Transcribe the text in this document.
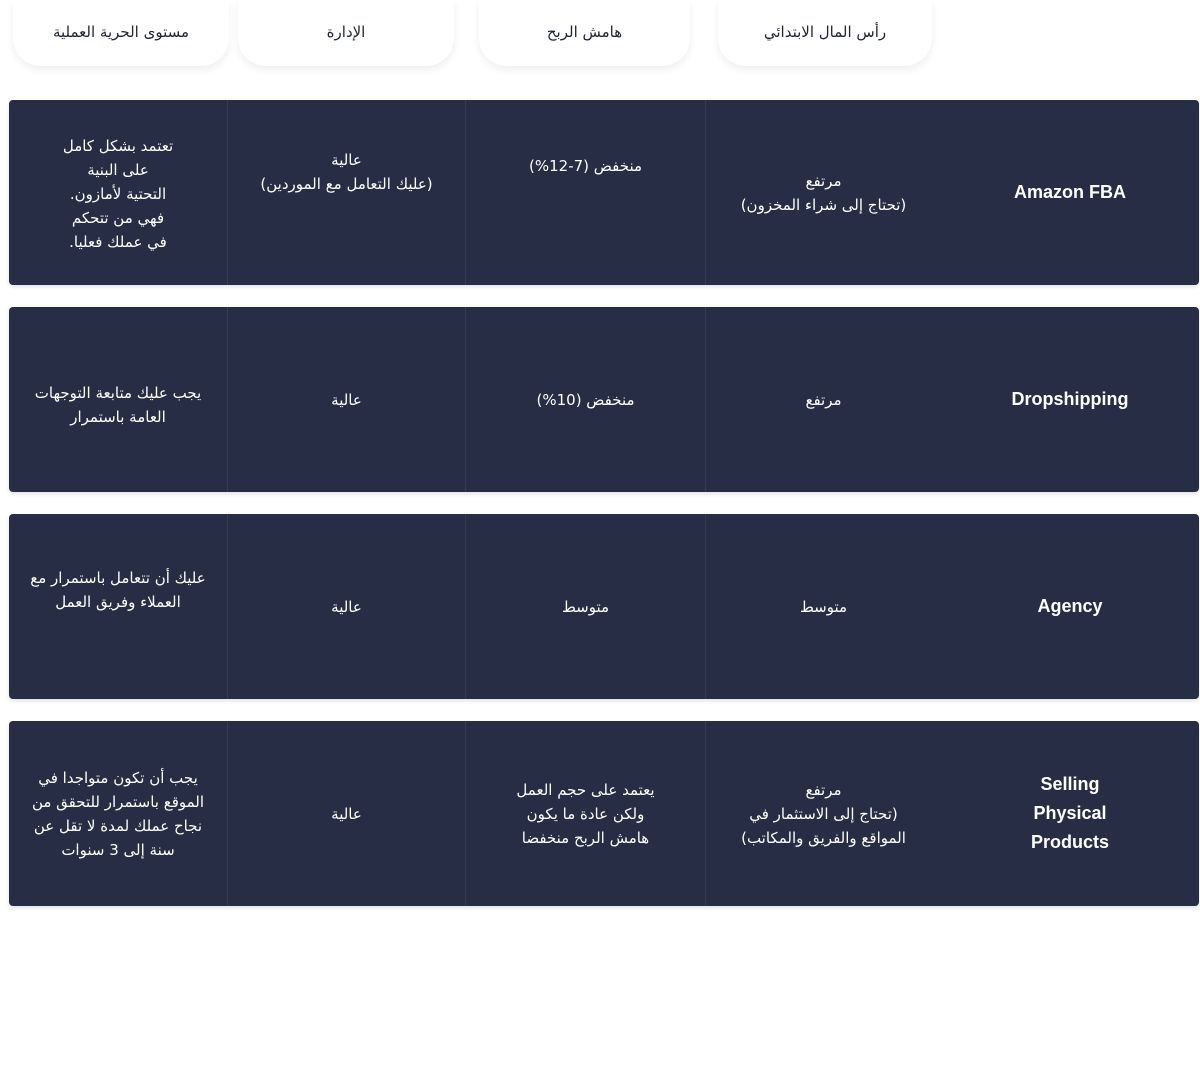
رأس المال الابتدائي
هامش الربح
الإدارة
مستوى الحرية العملية
Amazon FBA
مرتفع
(تحتاج إلى شراء المخزون)
منخفض (7-12%)
عالية
(عليك التعامل مع الموردين)
تعتمد بشكل كامل
على البنية
التحتية لأمازون.
فهي من تتحكم
في عملك فعليا.
Dropshipping
مرتفع
منخفض (10%)
عالية
يجب عليك متابعة التوجهات
العامة باستمرار
Agency
متوسط
متوسط
عالية
عليك أن تتعامل باستمرار مع
العملاء وفريق العمل
Selling
Physical
Products
مرتفع
(تحتاج إلى الاستثمار في
المواقع والفريق والمكاتب)
يعتمد على حجم العمل
ولكن عادة ما يكون
هامش الربح منخفضا
عالية
يجب أن تكون متواجدا في
الموقع باستمرار للتحقق من
نجاح عملك لمدة لا تقل عن
سنة إلى 3 سنوات
